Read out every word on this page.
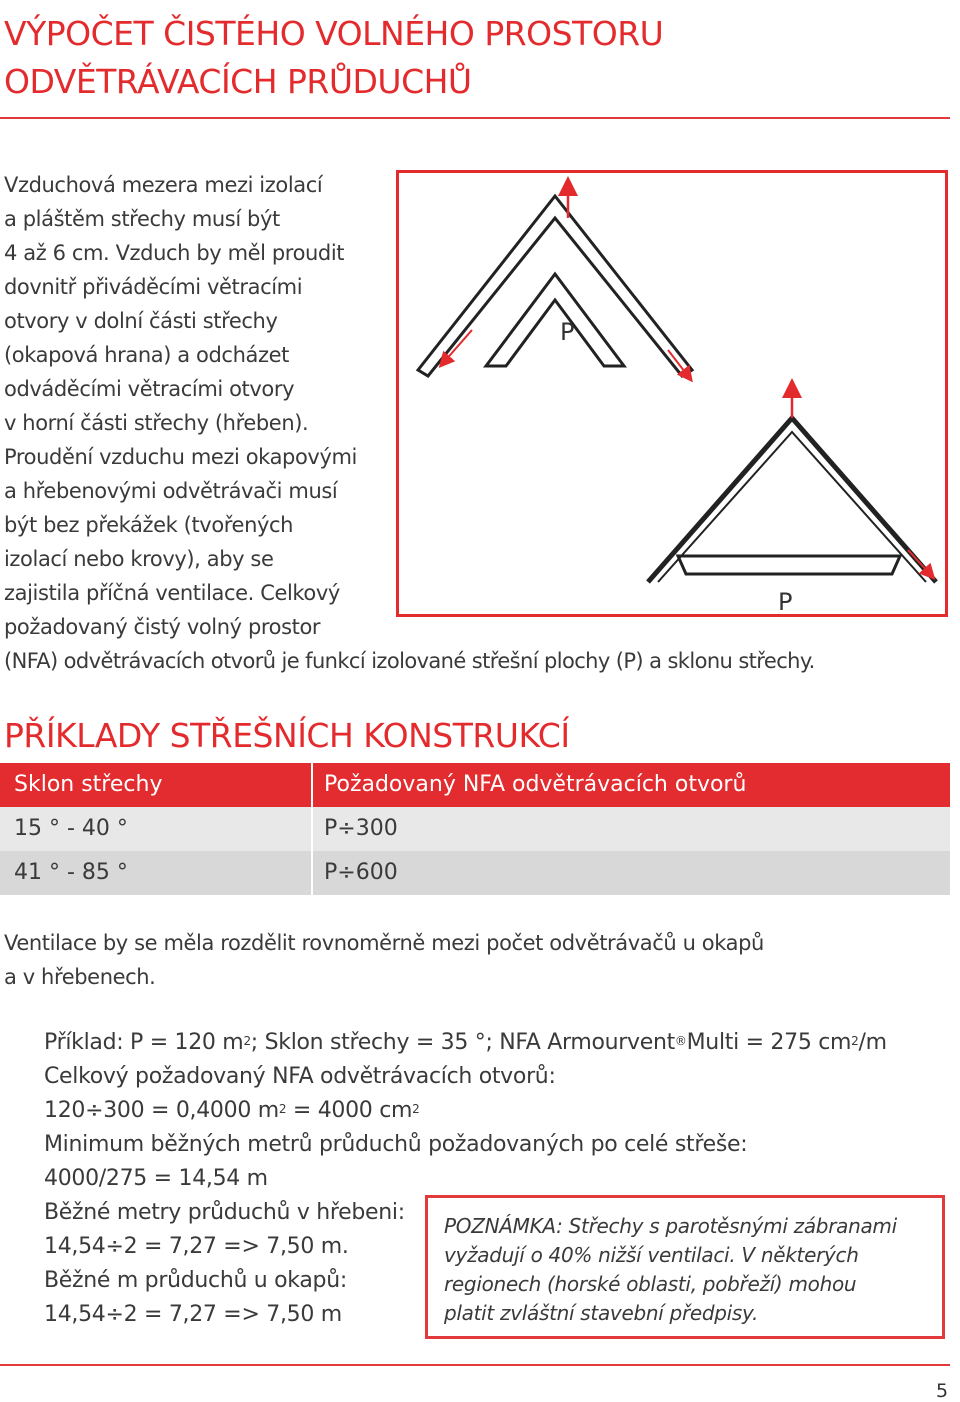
VÝPOČET ČISTÉHO VOLNÉHO PROSTORU
ODVĚTRÁVACÍCH PRŮDUCHŮ
Vzduchová mezera mezi izolací
a pláštěm střechy musí být
4 až 6 cm. Vzduch by měl proudit
dovnitř přiváděcími větracími
otvory v dolní části střechy
(okapová hrana) a odcházet
odváděcími větracími otvory
v horní části střechy (hřeben).
Proudění vzduchu mezi okapovými
a hřebenovými odvětrávači musí
být bez překážek (tvořených
izolací nebo krovy), aby se
zajistila příčná ventilace. Celkový
požadovaný čistý volný prostor
(NFA) odvětrávacích otvorů je funkcí izolované střešní plochy (P) a sklonu střechy.
P
P
PŘÍKLADY STŘEŠNÍCH KONSTRUKCÍ
Sklon střechy	Požadovaný NFA odvětrávacích otvorů
15 ° - 40 °	P÷300
41 ° - 85 °	P÷600
Ventilace by se měla rozdělit rovnoměrně mezi počet odvětrávačů u okapů
a v hřebenech.
Příklad: P = 120 $m^2$; Sklon střechy = 35 °; NFA Armourvent®Multi = 275 $cm^2/m$
Celkový požadovaný NFA odvětrávacích otvorů:
120÷300 = 0,4000 $m^2 = 4000$ $cm^2$
Minimum běžných metrů průduchů požadovaných po celé střeše:
4000/275 = 14,54 m
Běžné metry průduchů v hřebeni:
14,54÷2 = 7,27 => 7,50 m.
Běžné m průduchů u okapů:
14,54÷2 = 7,27 => 7,50 m
POZNÁMKA: Střechy s parotěsnými zábranami
vyžadují o 40% nižší ventilaci. V některých
regionech (horské oblasti, pobřeží) mohou
platit zvláštní stavební předpisy.
5
